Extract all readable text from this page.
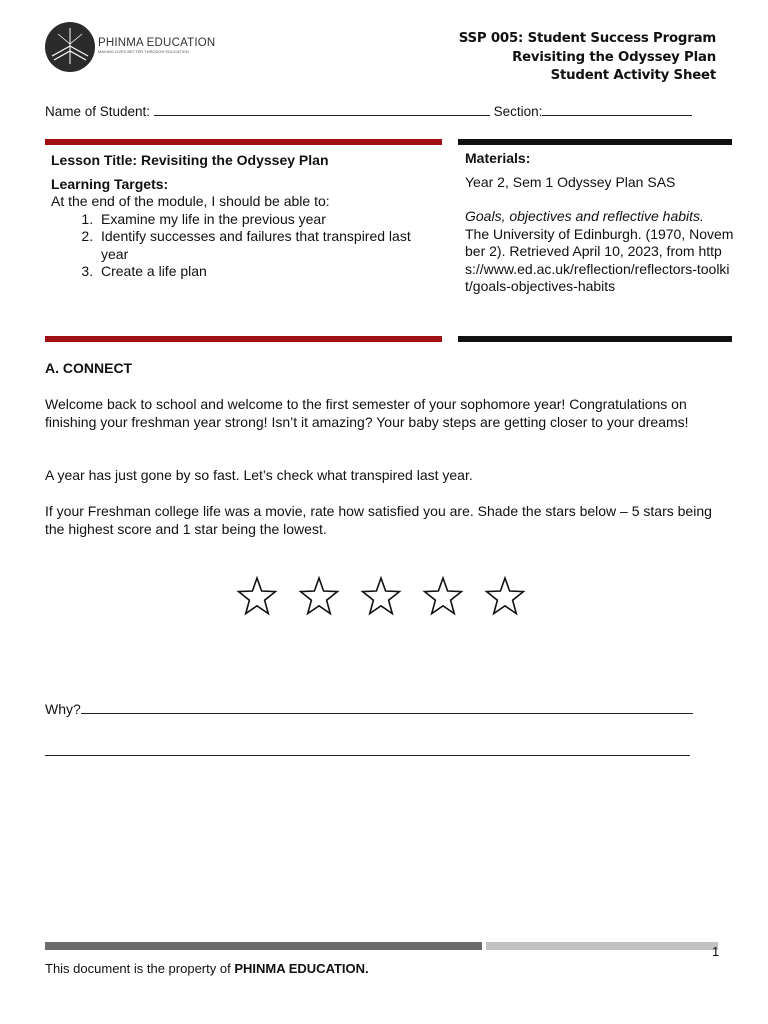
PHINMA EDUCATION
MAKING LIVES BETTER THROUGH EDUCATION
SSP 005: Student Success Program
Revisiting the Odyssey Plan
Student Activity Sheet
Name of Student:	Section:
Lesson Title: Revisiting the Odyssey Plan
Learning Targets:
At the end of the module, I should be able to:
1. Examine my life in the previous year
2. Identify successes and failures that transpired last year
3. Create a life plan
Materials:
Year 2, Sem 1 Odyssey Plan SAS
Goals, objectives and reflective habits.
The University of Edinburgh. (1970, November 2). Retrieved April 10, 2023, from https://www.ed.ac.uk/reflection/reflectors-toolkit/goals-objectives-habits
A. CONNECT
Welcome back to school and welcome to the first semester of your sophomore year! Congratulations on finishing your freshman year strong! Isn’t it amazing? Your baby steps are getting closer to your dreams!
A year has just gone by so fast. Let’s check what transpired last year.
If your Freshman college life was a movie, rate how satisfied you are. Shade the stars below – 5 stars being the highest score and 1 star being the lowest.
Why?
1
This document is the property of PHINMA EDUCATION.
